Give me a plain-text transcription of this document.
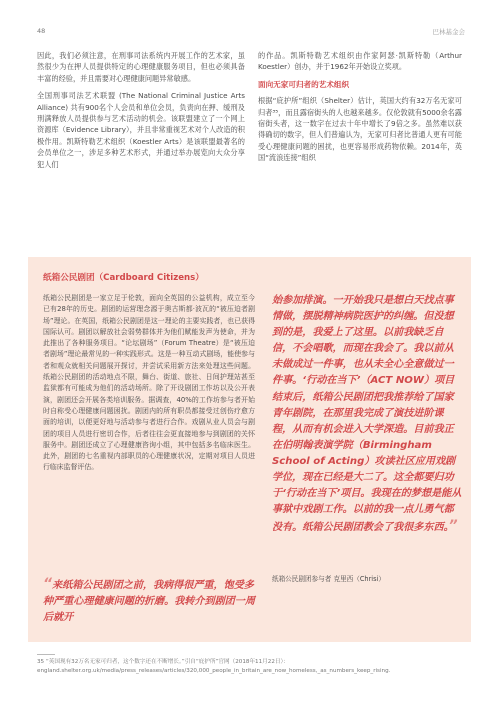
48	巴林基金会

因此，我们必须注意，在刑事司法系统内开展工作的艺术家，虽然很少为在押人员提供特定的心理健康服务项目，但也必须具备丰富的经验，并且需要对心理健康问题异常敏感。

全国刑事司法艺术联盟 (The National Criminal Justice Arts Alliance) 共有900名个人会员和单位会员，负责向在押、缓刑及刑满释放人员提供参与艺术活动的机会。该联盟建立了一个网上资源库（Evidence Library），并且非常重视艺术对个人改造的积极作用。凯斯特勒艺术组织（Koestler Arts）是该联盟最著名的会员单位之一，涉足多种艺术形式，并通过举办展览向大众分享犯人们

的作品。凯斯特勒艺术组织由作家阿瑟·凯斯特勒（Arthur Koestler）创办，并于1962年开始设立奖项。

面向无家可归者的艺术组织

根据“庇护所”组织（Shelter）估计，英国大约有32万名无家可归者³⁵，而且露宿街头的人也越来越多。仅伦敦就有5000余名露宿街头者，这一数字在过去十年中增长了9倍之多。虽然难以获得确切的数字，但人们普遍认为，无家可归者比普通人更有可能受心理健康问题的困扰，也更容易形成药物依赖。2014年，英国“流浪连接”组织

纸箱公民剧团（Cardboard Citizens）
纸箱公民剧团是一家立足于伦敦，面向全英国的公益机构，成立至今已有28年的历史。剧团的运营理念源于奥古斯都·波瓦的“被压迫者剧场”理论。在英国，纸箱公民剧团是这一理论的主要实践者，也已获得国际认可。剧团以解放社会弱势群体并为他们赋能发声为使命，并为此推出了各种服务项目。“论坛剧场”（Forum Theatre）是“被压迫者剧场”理论最常见的一种实践形式。这是一种互动式剧场，能使参与者和观众就相关问题展开探讨，并尝试采用新方法来处理这些问题。纸箱公民剧团的活动地点不限，舞台、街道、旅社、日间护理站甚至监狱都有可能成为他们的活动场所。除了开设剧团工作坊以及公开表演，剧团还会开展各类培训服务。据调查，40%的工作坊参与者开始时自称受心理健康问题困扰。剧团内的所有职员都接受过创伤疗愈方面的培训，以便更好地与活动参与者进行合作。戏剧从业人员会与剧团的项目人员进行密切合作，后者往往会更直接地参与到剧团的关怀服务中。剧团还成立了心理健康咨询小组，其中包括多名临床医生。此外，剧团的七名重视内部职员的心理健康状况，定期对项目人员进行临床监督评估。
始参加排演。一开始我只是想白天找点事情做，摆脱精神病院医护的纠缠。但没想到的是，我爱上了这里。以前我缺乏自信，不会唱歌，而现在我会了。我以前从未做成过一件事，也从未全心全意做过一件事。‘行动在当下’（ACT NOW）项目结束后，纸箱公民剧团把我推荐给了国家青年剧院，在那里我完成了演技进阶课程，从而有机会进入大学深造。目前我正在伯明翰表演学院（Birmingham School of Acting）攻读社区应用戏剧学位，现在已经是大二了。这全都要归功于‘行动在当下’项目。我现在的梦想是能从事狱中戏剧工作。以前的我一点儿勇气都没有。纸箱公民剧团教会了我很多东西。”
纸箱公民剧团参与者 克里西（Chrisi）
“来纸箱公民剧团之前，我病得很严重，饱受多种严重心理健康问题的折磨。我转介到剧团一周后就开
35 “英国现有32万名无家可归者，这个数字还在不断增长。”引自“庇护所”官网（2018年11月22日）：england.shelter.org.uk/media/press_releases/articles/320,000_people_in_britain_are_now_homeless,_as_numbers_keep_rising.
